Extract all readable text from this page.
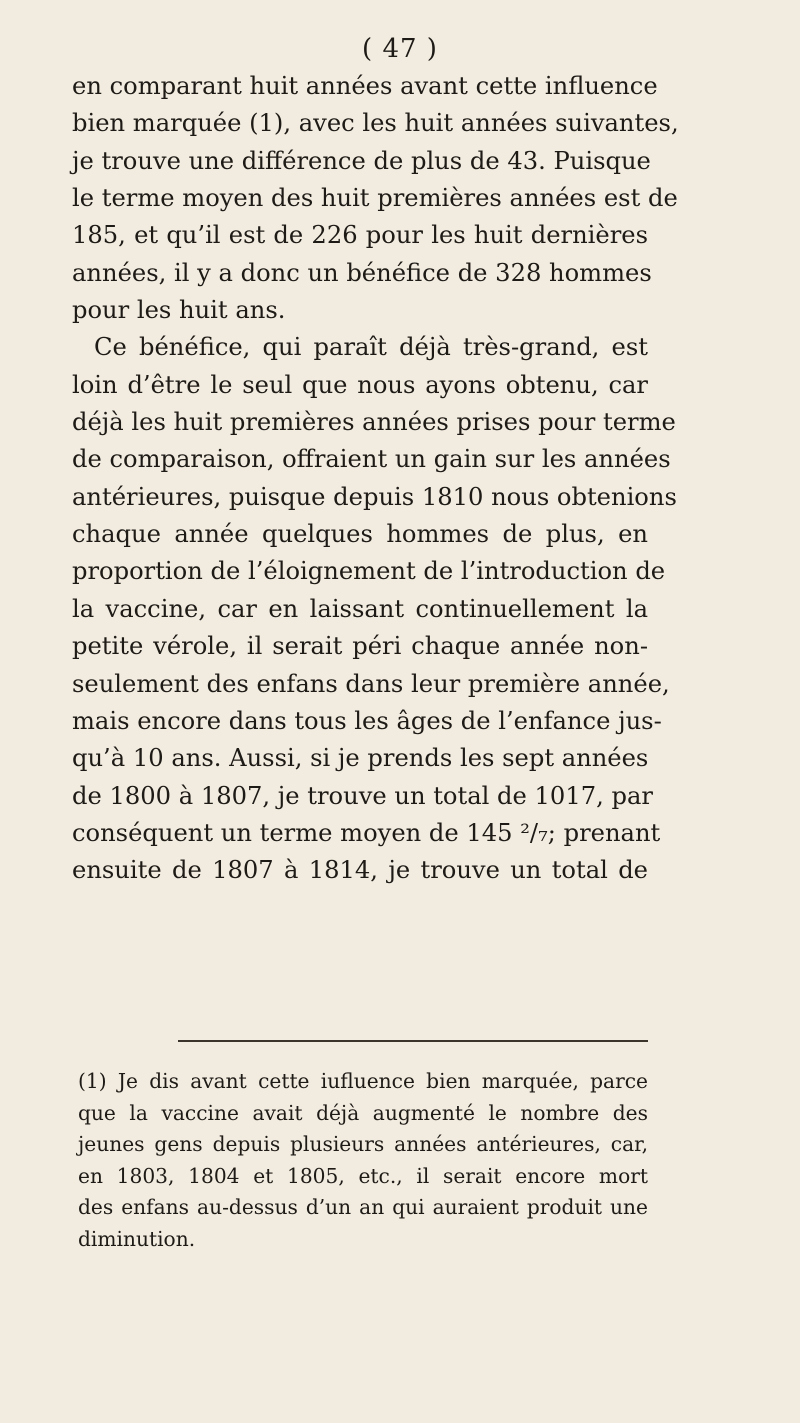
( 47 )
en comparant huit années avant cette influence
bien marquée (1), avec les huit années suivantes,
je trouve une différence de plus de 43. Puisque
le terme moyen des huit premières années est de
185, et qu’il est de 226 pour les huit dernières
années, il y a donc un bénéfice de 328 hommes
pour les huit ans.
Ce bénéfice, qui paraît déjà très-grand, est
loin d’être le seul que nous ayons obtenu, car
déjà les huit premières années prises pour terme
de comparaison, offraient un gain sur les années
antérieures, puisque depuis 1810 nous obtenions
chaque année quelques hommes de plus, en
proportion de l’éloignement de l’introduction de
la vaccine, car en laissant continuellement la
petite vérole, il serait péri chaque année non-
seulement des enfans dans leur première année,
mais encore dans tous les âges de l’enfance jus-
qu’à 10 ans. Aussi, si je prends les sept années
de 1800 à 1807, je trouve un total de 1017, par
conséquent un terme moyen de 145 ²/₇; prenant
ensuite de 1807 à 1814, je trouve un total de
(1) Je dis avant cette iufluence bien marquée, parce
que la vaccine avait déjà augmenté le nombre des
jeunes gens depuis plusieurs années antérieures, car,
en 1803, 1804 et 1805, etc., il serait encore mort
des enfans au-dessus d’un an qui auraient produit une
diminution.
